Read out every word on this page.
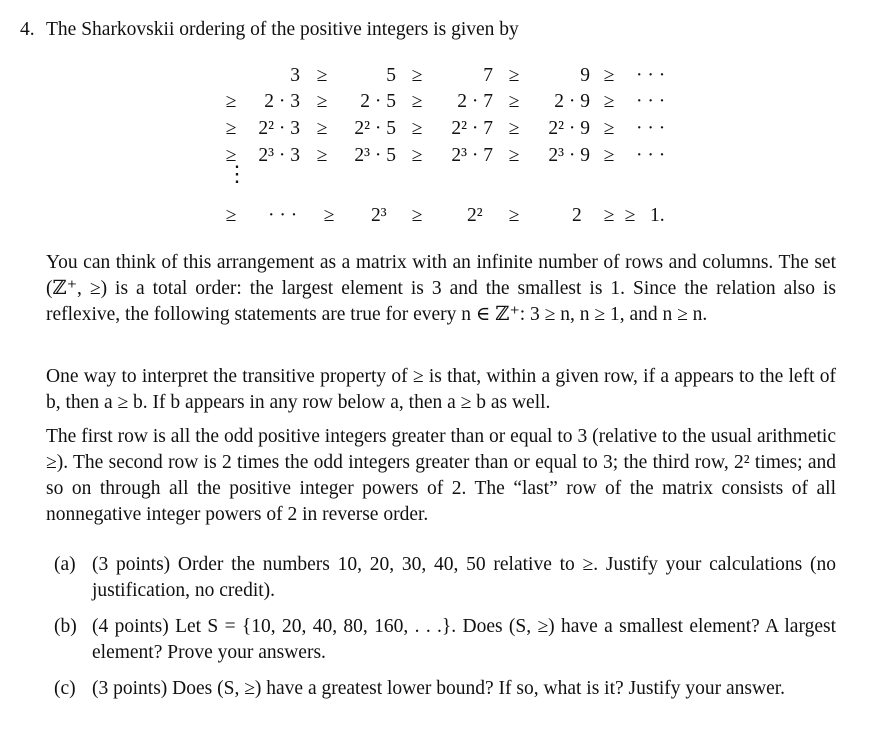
4. The Sharkovskii ordering of the positive integers is given by
3 ≥	5 ≥	7 ≥	9 ≥ · · ·
≥ 2 · 3 ≥ 2 · 5 ≥ 2 · 7 ≥ 2 · 9 ≥ · · ·
≥ 2² · 3 ≥ 2² · 5 ≥ 2² · 7 ≥ 2² · 9 ≥ · · ·
≥ 2³ · 3 ≥ 2³ · 5 ≥ 2³ · 7 ≥ 2³ · 9 ≥ · · ·
⋮
≥ · · · ≥ 2³ ≥ 2² ≥	2 ≥ 1.
≥

You can think of this arrangement as a matrix with an infinite number of rows and columns. The set (ℤ⁺, ≥) is a total order: the largest element is 3 and the smallest is 1. Since the relation also is reflexive, the following statements are true for every n ∈ ℤ⁺: 3 ≥ n, n ≥ 1, and n ≥ n.

One way to interpret the transitive property of ≥ is that, within a given row, if a appears to the left of b, then a ≥ b. If b appears in any row below a, then a ≥ b as well.

The first row is all the odd positive integers greater than or equal to 3 (relative to the usual arithmetic ≥). The second row is 2 times the odd integers greater than or equal to 3; the third row, 2² times; and so on through all the positive integer powers of 2. The “last” row of the matrix consists of all nonnegative integer powers of 2 in reverse order.

(a) (3 points) Order the numbers 10, 20, 30, 40, 50 relative to ≥. Justify your calculations (no justification, no credit).
(b) (4 points) Let S = {10, 20, 40, 80, 160, . . .}. Does (S, ≥) have a smallest element? A largest element? Prove your answers.
(c) (3 points) Does (S, ≥) have a greatest lower bound? If so, what is it? Justify your answer.
